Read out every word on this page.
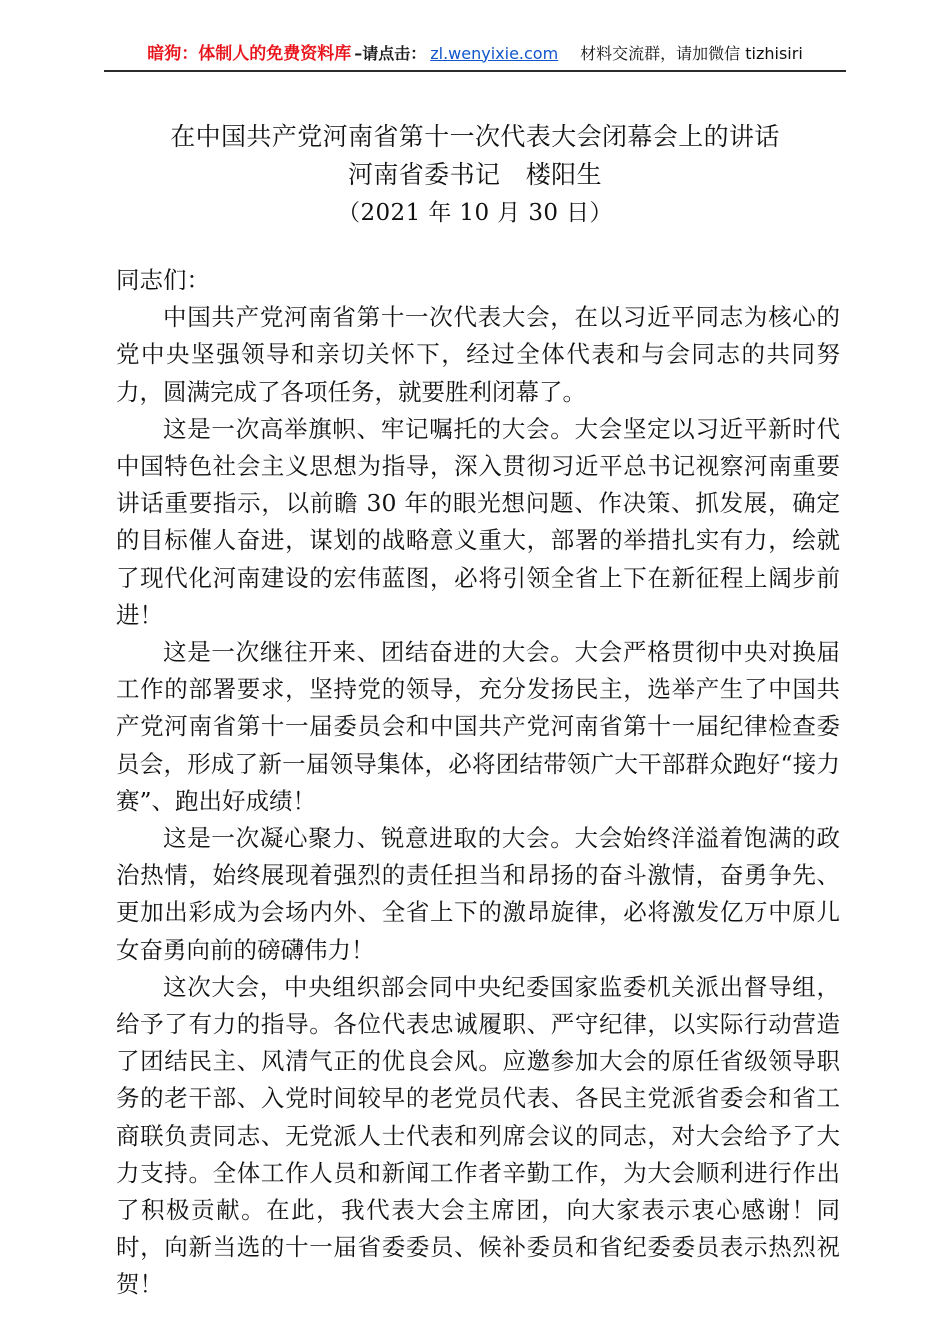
暗狗：体制人的免费资料库 –请点击： zl.wenyixie.com 材料交流群，请加微信 tizhisiri
在中国共产党河南省第十一次代表大会闭幕会上的讲话
河南省委书记　楼阳生
（2021 年 10 月 30 日）

同志们：

中国共产党河南省第十一次代表大会，在以习近平同志为核心的党中央坚强领导和亲切关怀下，经过全体代表和与会同志的共同努力，圆满完成了各项任务，就要胜利闭幕了。

这是一次高举旗帜、牢记嘱托的大会。大会坚定以习近平新时代中国特色社会主义思想为指导，深入贯彻习近平总书记视察河南重要讲话重要指示，以前瞻 30 年的眼光想问题、作决策、抓发展，确定的目标催人奋进，谋划的战略意义重大，部署的举措扎实有力，绘就了现代化河南建设的宏伟蓝图，必将引领全省上下在新征程上阔步前进！

这是一次继往开来、团结奋进的大会。大会严格贯彻中央对换届工作的部署要求，坚持党的领导，充分发扬民主，选举产生了中国共产党河南省第十一届委员会和中国共产党河南省第十一届纪律检查委员会，形成了新一届领导集体，必将团结带领广大干部群众跑好“接力赛”、跑出好成绩！

这是一次凝心聚力、锐意进取的大会。大会始终洋溢着饱满的政治热情，始终展现着强烈的责任担当和昂扬的奋斗激情，奋勇争先、更加出彩成为会场内外、全省上下的激昂旋律，必将激发亿万中原儿女奋勇向前的磅礴伟力！

这次大会，中央组织部会同中央纪委国家监委机关派出督导组，给予了有力的指导。各位代表忠诚履职、严守纪律，以实际行动营造了团结民主、风清气正的优良会风。应邀参加大会的原任省级领导职务的老干部、入党时间较早的老党员代表、各民主党派省委会和省工商联负责同志、无党派人士代表和列席会议的同志，对大会给予了大力支持。全体工作人员和新闻工作者辛勤工作，为大会顺利进行作出了积极贡献。在此，我代表大会主席团，向大家表示衷心感谢！同时，向新当选的十一届省委委员、候补委员和省纪委委员表示热烈祝贺！
